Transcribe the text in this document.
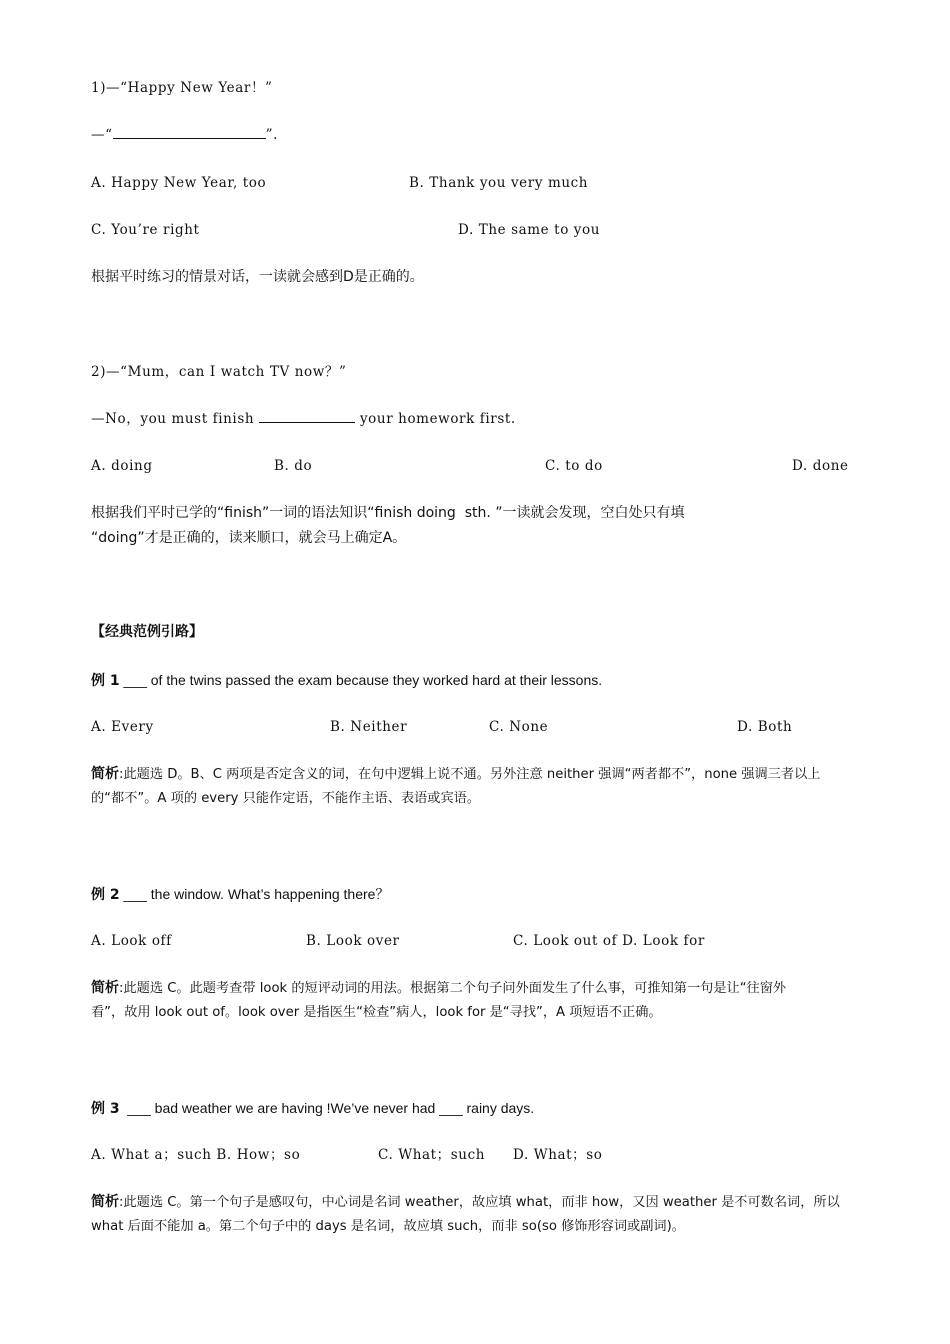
1)—“Happy New Year！”
—“	”.
A. Happy New Year, too	B. Thank you very much
C. You’re right	D. The same to you
根据平时练习的情景对话，一读就会感到D是正确的。
2)—“Mum，can I watch TV now？”
—No，you must finish	your homework first.
A. doing	B. do	C. to do	D. done
根据我们平时已学的“finish”一词的语法知识“finish doing  sth. ”一读就会发现，空白处只有填
“doing”才是正确的，读来顺口，就会马上确定A。
【经典范例引路】
例 1 ___ of the twins passed the exam because they worked hard at their lessons.
A. Every	B. Neither	C. None	D. Both
简析:此题选 D。B、C 两项是否定含义的词，在句中逻辑上说不通。另外注意 neither 强调“两者都不”，none 强调三者以上
的“都不”。A 项的 every 只能作定语，不能作主语、表语或宾语。
例 2 ___ the window. What’s happening there？
A. Look off	B. Look over	C. Look out of D. Look for
简析:此题选 C。此题考查带 look 的短评动词的用法。根据第二个句子问外面发生了什么事，可推知第一句是让“往窗外
看”，故用 look out of。look over 是指医生“检查”病人，look for 是“寻找”，A 项短语不正确。
例 3 ___ bad weather we are having !We’ve never had ___ rainy days.
A. What a；such B. How；so	C. What；such D. What；so
简析:此题选 C。第一个句子是感叹句，中心词是名词 weather，故应填 what，而非 how，又因 weather 是不可数名词，所以
what 后面不能加 a。第二个句子中的 days 是名词，故应填 such，而非 so(so 修饰形容词或副词)。
